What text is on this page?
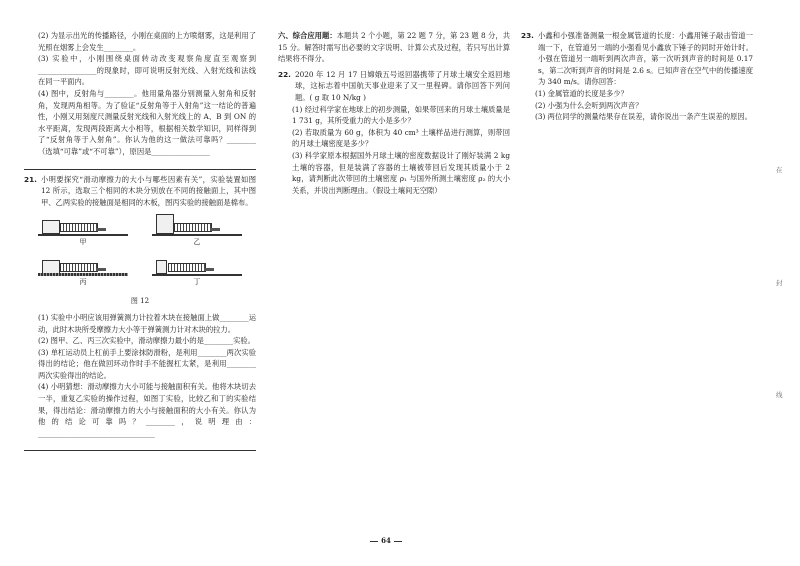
(2) 为显示出光的传播路径，小刚在桌面的上方喷烟雾，这是利用了光照在烟雾上会发生________。

(3) 实验中，小刚围绕桌面转动改变观察角度直至观察到________________的现象时，即可说明反射光线、入射光线和法线在同一平面内。

(4) 图中，反射角与________。他用量角器分别测量入射角和反射角，发现两角相等。为了验证“反射角等于入射角”这一结论的普遍性，小刚又用刻度尺测量反射光线和入射光线上的 A、B 到 ON 的水平距离，发现两段距离大小相等，根据相关数学知识，同样得到了“反射角等于入射角”。你认为他的这一做法可靠吗？________（选填“可靠”或“不可靠”），原因是________________

21. 小明要探究“滑动摩擦力的大小与哪些因素有关”，实验装置如图 12 所示，选取三个相同的木块分别放在不同的接触面上，其中图甲、乙两实验的接触面是相同的木板，图丙实验的接触面是棉布。

甲	乙
丙	丁

图 12

(1) 实验中小明应该用弹簧测力计拉着木块在接触面上做________运动，此时木块所受摩擦力大小等于弹簧测力计对木块的拉力。

(2) 图甲、乙、丙三次实验中，滑动摩擦力最小的是________实验。

(3) 单杠运动员上杠前手上要涂抹防滑粉，是利用________两次实验得出的结论；他在做回环动作时手不能握杠太紧，是利用________两次实验得出的结论。

(4) 小明猜想：滑动摩擦力大小可能与接触面积有关。他将木块切去一半，重复乙实验的操作过程，如图丁实验，比较乙和丁的实验结果，得出结论：滑动摩擦力的大小与接触面积的大小有关。你认为他的结论可靠吗？________，说明理由：________________________________

六、综合应用题：本题共 2 个小题，第 22 题 7 分，第 23 题 8 分，共 15 分。解答时需写出必要的文字说明、计算公式及过程，若只写出计算结果将不得分。

22. 2020 年 12 月 17 日嫦娥五号返回器携带了月球土壤安全返回地球，这标志着中国航天事业迎来了又一里程碑。请你回答下列问题。( g 取 10 N/kg )

(1) 经过科学家在地球上的初步测量，如果带回来的月球土壤质量是 1 731 g，其所受重力的大小是多少？

(2) 若取质量为 60 g，体积为 40 cm³ 土壤样品进行测算，则带回的月球土壤密度是多少？

(3) 科学家原本根据国外月球土壤的密度数据设计了刚好装满 2 kg 土壤的容器，但是装满了容器的土壤被带回后发现其质量小于 2 kg，请判断此次带回的土壤密度 ρ₁ 与国外所测土壤密度 ρ₂ 的大小关系，并说出判断理由。（假设土壤间无空隙）

23. 小鑫和小强准备测量一根金属管道的长度：小鑫用锤子敲击管道一端一下，在管道另一端的小强看见小鑫放下锤子的同时开始计时。小强在管道另一端听到两次声音，第一次听到声音的时间是 0.17 s，第二次听到声音的时间是 2.6 s。已知声音在空气中的传播速度为 340 m/s。请你回答：

(1) 金属管道的长度是多少？

(2) 小强为什么会听到两次声音？

(3) 两位同学的测量结果存在误差，请你说出一条产生误差的原因。

在
封
线
64
